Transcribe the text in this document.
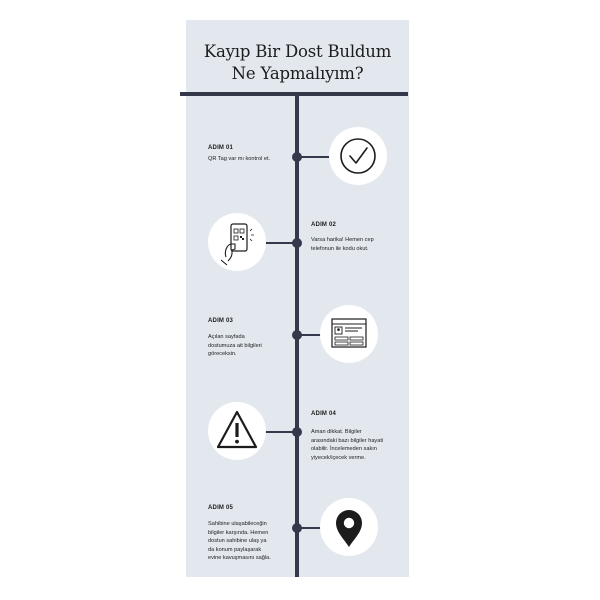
Kayıp Bir Dost Buldum
Ne Yapmalıyım?
ADIM 01
QR Tag var mı kontrol et.
ADIM 02
Varsa harika! Hemen cep
telefonun ile kodu okut.
ADIM 03
Açılan sayfada
dostumuza ait bilgileri
göreceksin.
ADIM 04
Aman dikkat. Bilgiler
arasındaki bazı bilgiler hayati
olabilir. İncelemeden sakın
yiyecek/içecek verme.
ADIM 05
Sahibine ulaşabileceğin
bilgiler karşında. Hemen
dostun sahibine ulaş ya
da konum paylaşarak
evine kavuşmasını sağla.
